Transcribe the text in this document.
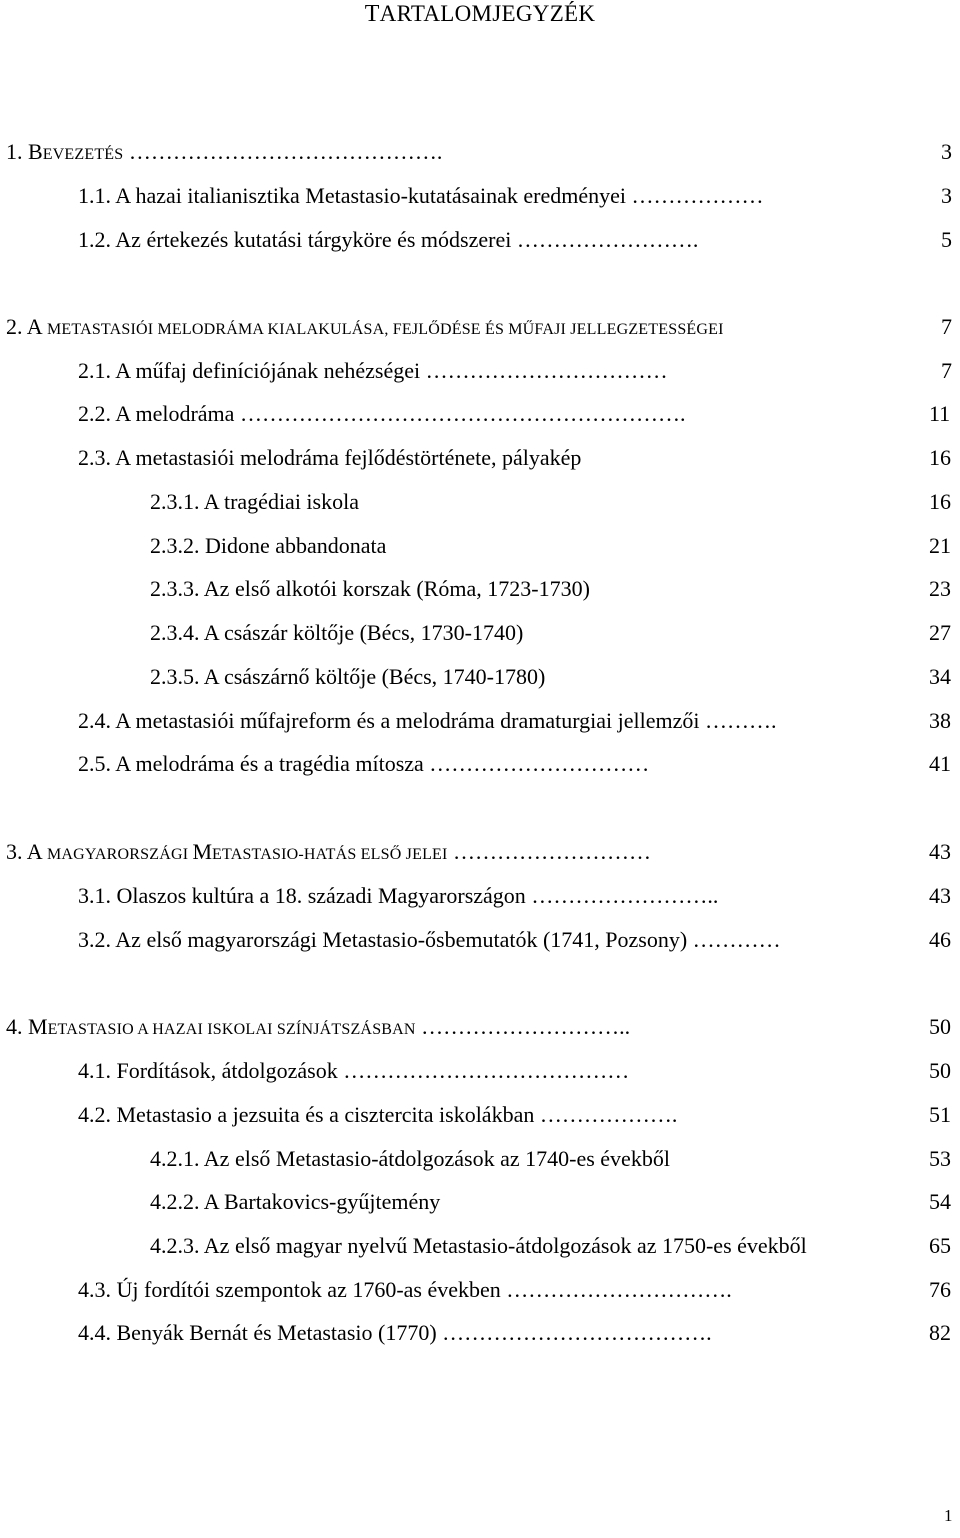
TARTALOMJEGYZÉK
1. BEVEZETÉS …………………………………….	3
1.1. A hazai italianisztika Metastasio-kutatásainak eredményei ………………	3
1.2. Az értekezés kutatási tárgyköre és módszerei …………………….	5
2. A METASTASIÓI MELODRÁMA KIALAKULÁSA, FEJLŐDÉSE ÉS MŰFAJI JELLEGZETESSÉGEI	7
2.1. A műfaj definíciójának nehézségei ……………………………	7
2.2. A melodráma …………………………………………………….	11
2.3. A metastasiói melodráma fejlődéstörténete, pályakép	16
2.3.1. A tragédiai iskola	16
2.3.2. Didone abbandonata	21
2.3.3. Az első alkotói korszak (Róma, 1723-1730)	23
2.3.4. A császár költője (Bécs, 1730-1740)	27
2.3.5. A császárnő költője (Bécs, 1740-1780)	34
2.4. A metastasiói műfajreform és a melodráma dramaturgiai jellemzői ……….	38
2.5. A melodráma és a tragédia mítosza …………………………	41
3. A MAGYARORSZÁGI METASTASIO-HATÁS ELSŐ JELEI ………………………	43
3.1. Olaszos kultúra a 18. századi Magyarországon ……………………..	43
3.2. Az első magyarországi Metastasio-ősbemutatók (1741, Pozsony) …………	46
4. METASTASIO A HAZAI ISKOLAI SZÍNJÁTSZÁSBAN ………………………..	50
4.1. Fordítások, átdolgozások …………………………………	50
4.2. Metastasio a jezsuita és a cisztercita iskolákban ……………….	51
4.2.1. Az első Metastasio-átdolgozások az 1740-es évekből	53
4.2.2. A Bartakovics-gyűjtemény	54
4.2.3. Az első magyar nyelvű Metastasio-átdolgozások az 1750-es évekből	65
4.3. Új fordítói szempontok az 1760-as években ………………………….	76
4.4. Benyák Bernát és Metastasio (1770) ……………………………….	82
1
